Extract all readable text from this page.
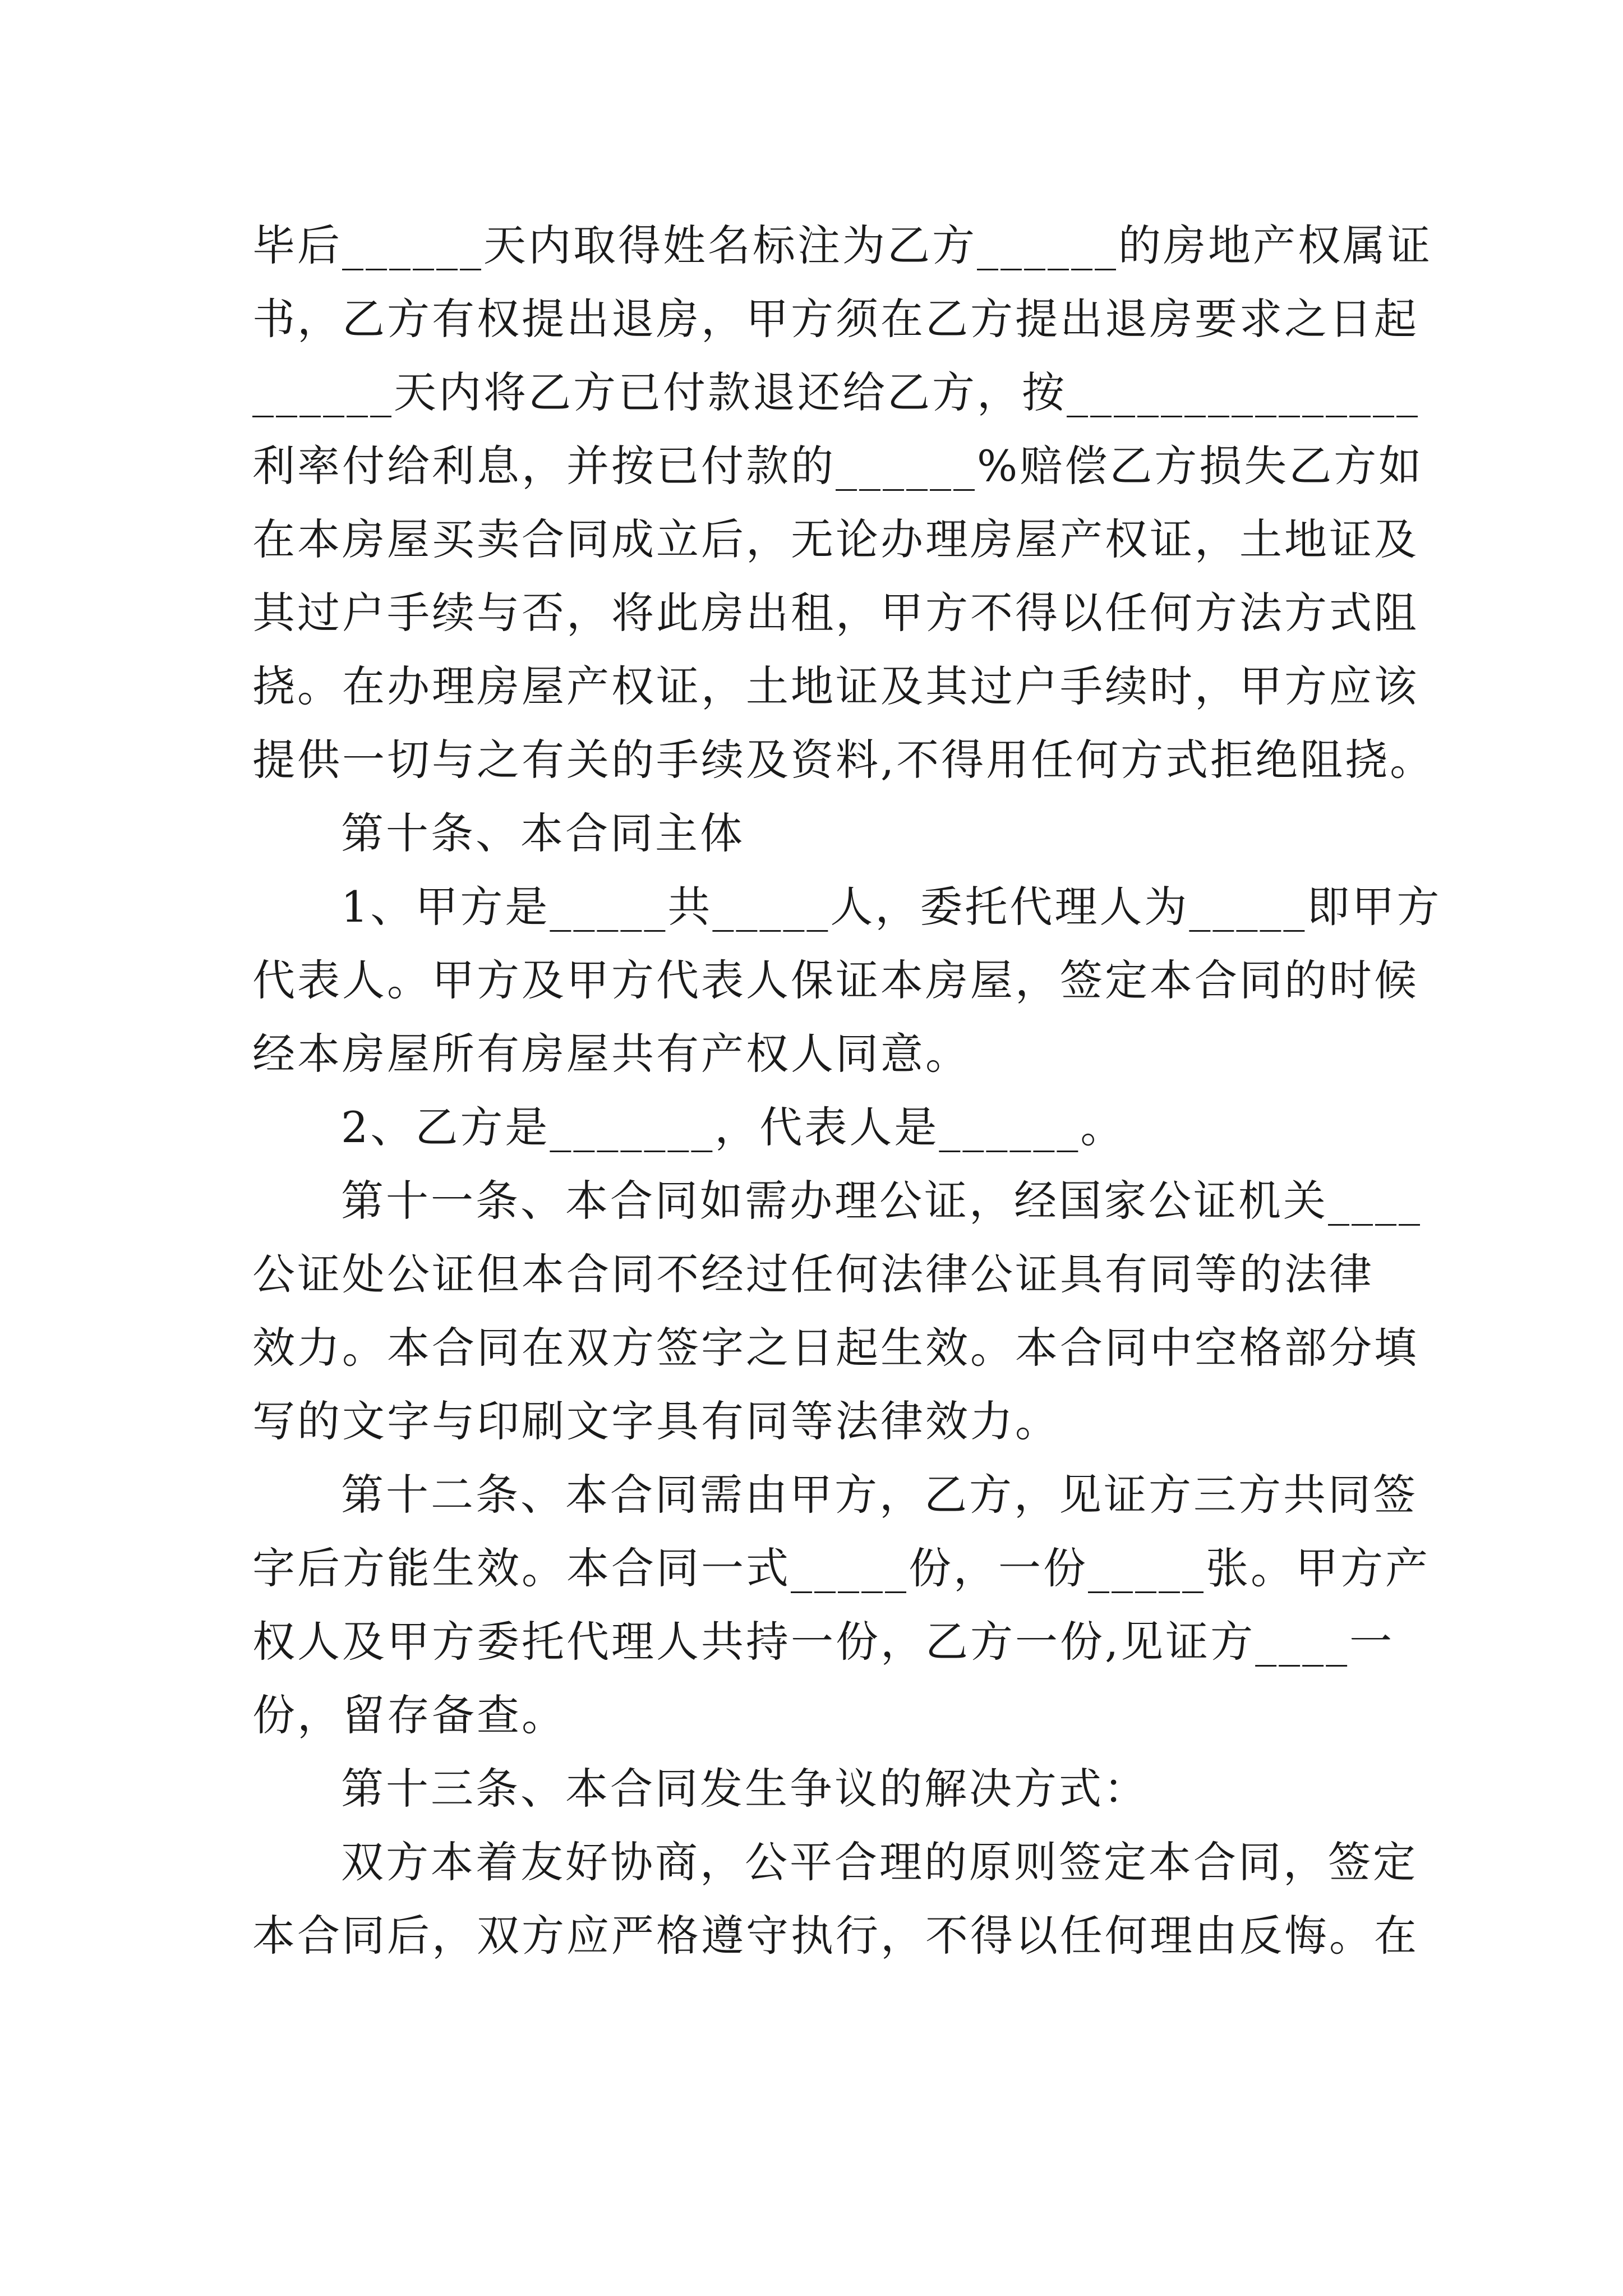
毕后______天内取得姓名标注为乙方______的房地产权属证
书，乙方有权提出退房，甲方须在乙方提出退房要求之日起
______天内将乙方已付款退还给乙方，按_______________
利率付给利息，并按已付款的______%赔偿乙方损失乙方如
在本房屋买卖合同成立后，无论办理房屋产权证，土地证及
其过户手续与否，将此房出租，甲方不得以任何方法方式阻
挠。在办理房屋产权证，土地证及其过户手续时，甲方应该
提供一切与之有关的手续及资料,不得用任何方式拒绝阻挠。
第十条、本合同主体
1、甲方是_____共_____人，委托代理人为_____即甲方
代表人。甲方及甲方代表人保证本房屋，签定本合同的时候
经本房屋所有房屋共有产权人同意。
2、乙方是_______，代表人是______。
第十一条、本合同如需办理公证，经国家公证机关____
公证处公证但本合同不经过任何法律公证具有同等的法律
效力。本合同在双方签字之日起生效。本合同中空格部分填
写的文字与印刷文字具有同等法律效力。
第十二条、本合同需由甲方，乙方，见证方三方共同签
字后方能生效。本合同一式_____份，一份_____张。甲方产
权人及甲方委托代理人共持一份，乙方一份,见证方____一
份，留存备查。
第十三条、本合同发生争议的解决方式：
双方本着友好协商，公平合理的原则签定本合同，签定
本合同后，双方应严格遵守执行，不得以任何理由反悔。在
